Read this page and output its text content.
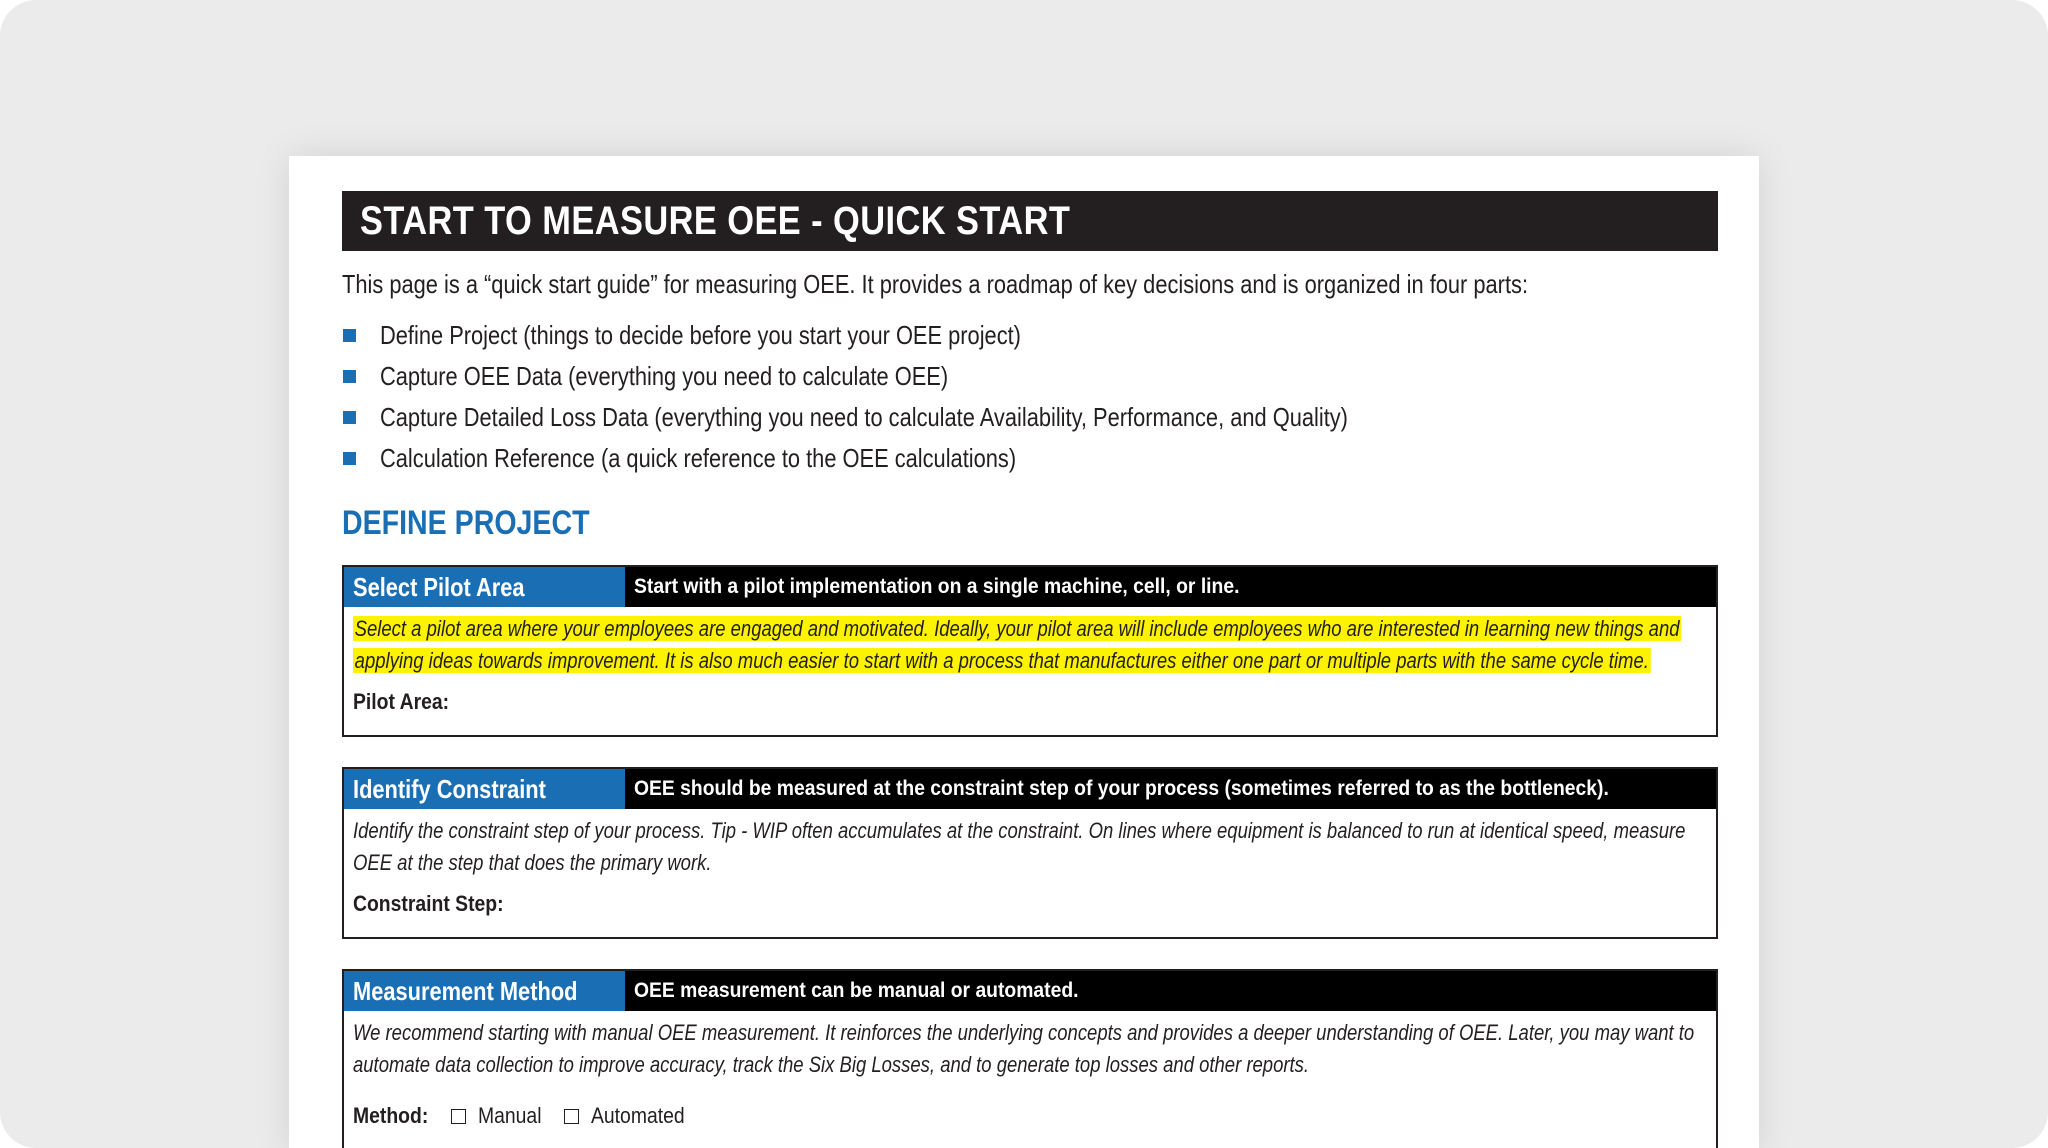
START TO MEASURE OEE - QUICK START
This page is a “quick start guide” for measuring OEE. It provides a roadmap of key decisions and is organized in four parts:
Define Project (things to decide before you start your OEE project)
Capture OEE Data (everything you need to calculate OEE)
Capture Detailed Loss Data (everything you need to calculate Availability, Performance, and Quality)
Calculation Reference (a quick reference to the OEE calculations)
DEFINE PROJECT
Select Pilot Area	Start with a pilot implementation on a single machine, cell, or line.
Select a pilot area where your employees are engaged and motivated. Ideally, your pilot area will include employees who are interested in learning new things and
applying ideas towards improvement. It is also much easier to start with a process that manufactures either one part or multiple parts with the same cycle time.
Pilot Area:
Identify Constraint	OEE should be measured at the constraint step of your process (sometimes referred to as the bottleneck).
Identify the constraint step of your process. Tip - WIP often accumulates at the constraint. On lines where equipment is balanced to run at identical speed, measure
OEE at the step that does the primary work.
Constraint Step:
Measurement Method	OEE measurement can be manual or automated.
We recommend starting with manual OEE measurement. It reinforces the underlying concepts and provides a deeper understanding of OEE. Later, you may want to
automate data collection to improve accuracy, track the Six Big Losses, and to generate top losses and other reports.
Method: Manual Automated
